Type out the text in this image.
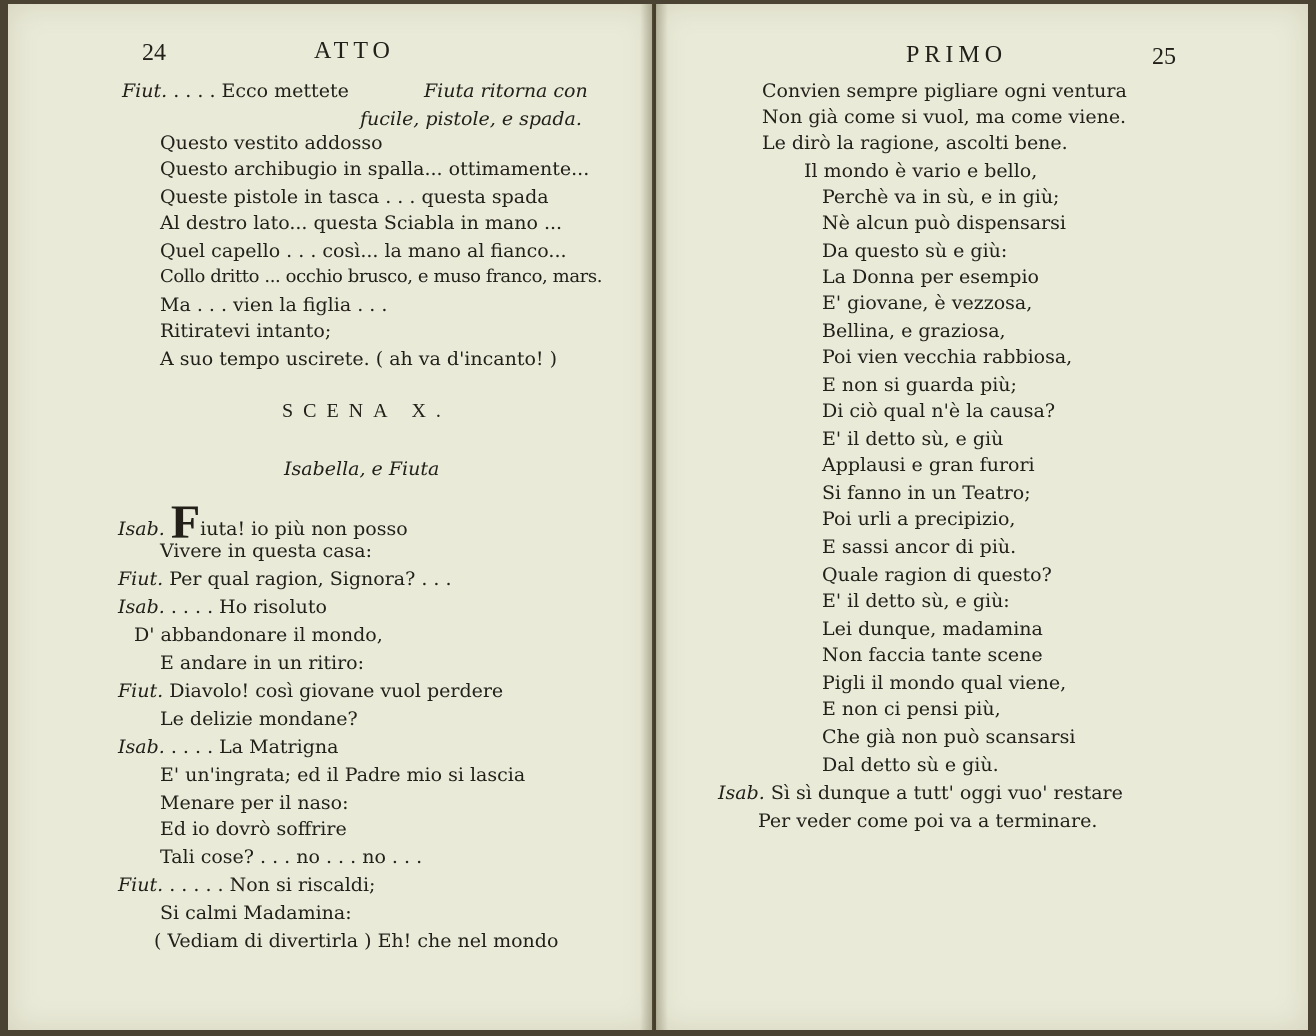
24	ATTO
Fiut. . . . . Ecco mettete	Fiuta ritorna con
fucile, pistole, e spada.
Questo vestito addosso
Questo archibugio in spalla... ottimamente...
Queste pistole in tasca . . . questa spada
Al destro lato... questa Sciabla in mano ...
Quel capello . . . così... la mano al fianco...
Collo dritto ... occhio brusco, e muso franco, mars.
Ma . . . vien la figlia . . .
Ritiratevi intanto;
A suo tempo uscirete. ( ah va d'incanto! )
SCENA X.
Isabella, e Fiuta
Isab. Fiuta! io più non posso
Vivere in questa casa:
Fiut. Per qual ragion, Signora? . . .
Isab. . . . . Ho risoluto
D' abbandonare il mondo,
E andare in un ritiro:
Fiut. Diavolo! così giovane vuol perdere
Le delizie mondane?
Isab. . . . . La Matrigna
E' un'ingrata; ed il Padre mio si lascia
Menare per il naso:
Ed io dovrò soffrire
Tali cose? . . . no . . . no . . .
Fiut. . . . . . Non si riscaldi;
Si calmi Madamina:
( Vediam di divertirla ) Eh! che nel mondo
PRIMO	25
Convien sempre pigliare ogni ventura
Non già come si vuol, ma come viene.
Le dirò la ragione, ascolti bene.
Il mondo è vario e bello,
Perchè va in sù, e in giù;
Nè alcun può dispensarsi
Da questo sù e giù:
La Donna per esempio
E' giovane, è vezzosa,
Bellina, e graziosa,
Poi vien vecchia rabbiosa,
E non si guarda più;
Di ciò qual n'è la causa?
E' il detto sù, e giù
Applausi e gran furori
Si fanno in un Teatro;
Poi urli a precipizio,
E sassi ancor di più.
Quale ragion di questo?
E' il detto sù, e giù:
Lei dunque, madamina
Non faccia tante scene
Pigli il mondo qual viene,
E non ci pensi più,
Che già non può scansarsi
Dal detto sù e giù.
Isab. Sì sì dunque a tutt' oggi vuo' restare
Per veder come poi va a terminare.
